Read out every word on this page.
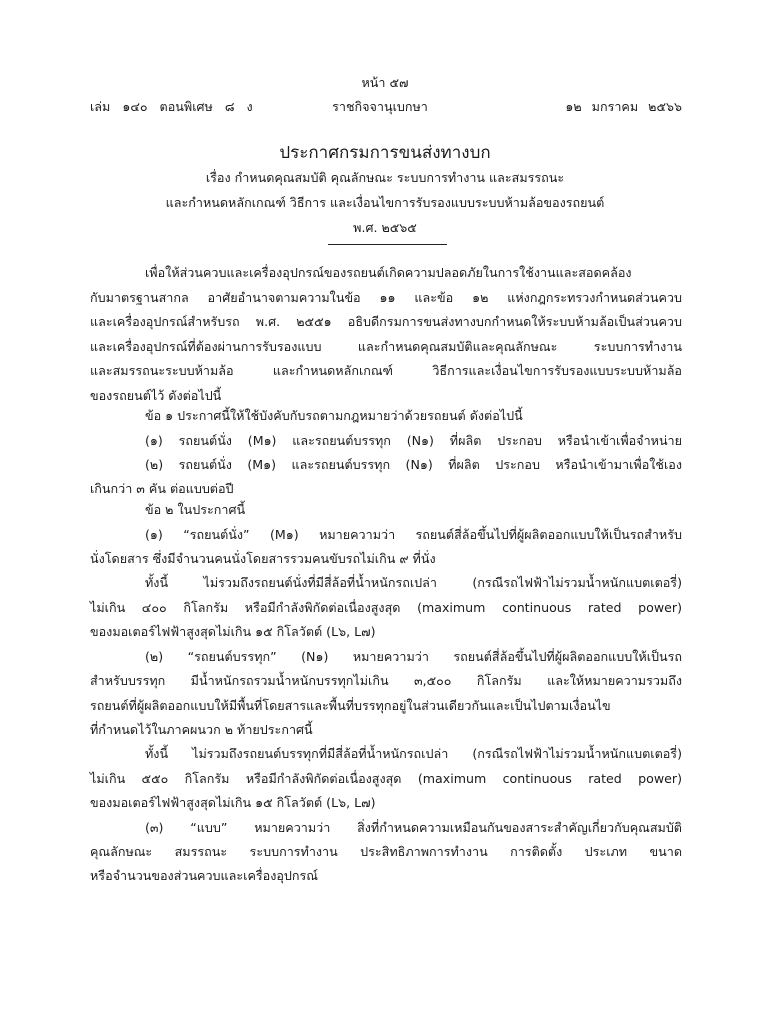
หน้า ๕๗
เล่ม ๑๔๐ ตอนพิเศษ ๘ ง	ราชกิจจานุเบกษา	๑๒ มกราคม ๒๕๖๖
ประกาศกรมการขนส่งทางบก
เรื่อง กำหนดคุณสมบัติ คุณลักษณะ ระบบการทำงาน และสมรรถนะ
และกำหนดหลักเกณฑ์ วิธีการ และเงื่อนไขการรับรองแบบระบบห้ามล้อของรถยนต์
พ.ศ. ๒๕๖๕
เพื่อให้ส่วนควบและเครื่องอุปกรณ์ของรถยนต์เกิดความปลอดภัยในการใช้งานและสอดคล้อง
กับมาตรฐานสากล อาศัยอำนาจตามความในข้อ ๑๑ และข้อ ๑๒ แห่งกฎกระทรวงกำหนดส่วนควบ
และเครื่องอุปกรณ์สำหรับรถ พ.ศ. ๒๕๕๑ อธิบดีกรมการขนส่งทางบกกำหนดให้ระบบห้ามล้อเป็นส่วนควบ
และเครื่องอุปกรณ์ที่ต้องผ่านการรับรองแบบ และกำหนดคุณสมบัติและคุณลักษณะ ระบบการทำงาน
และสมรรถนะระบบห้ามล้อ และกำหนดหลักเกณฑ์ วิธีการและเงื่อนไขการรับรองแบบระบบห้ามล้อ
ของรถยนต์ไว้ ดังต่อไปนี้
ข้อ ๑ ประกาศนี้ให้ใช้บังคับกับรถตามกฎหมายว่าด้วยรถยนต์ ดังต่อไปนี้
(๑) รถยนต์นั่ง (M๑) และรถยนต์บรรทุก (N๑) ที่ผลิต ประกอบ หรือนำเข้าเพื่อจำหน่าย
(๒) รถยนต์นั่ง (M๑) และรถยนต์บรรทุก (N๑) ที่ผลิต ประกอบ หรือนำเข้ามาเพื่อใช้เอง
เกินกว่า ๓ คัน ต่อแบบต่อปี
ข้อ ๒ ในประกาศนี้
(๑) “รถยนต์นั่ง” (M๑) หมายความว่า รถยนต์สี่ล้อขึ้นไปที่ผู้ผลิตออกแบบให้เป็นรถสำหรับ
นั่งโดยสาร ซึ่งมีจำนวนคนนั่งโดยสารรวมคนขับรถไม่เกิน ๙ ที่นั่ง
ทั้งนี้ ไม่รวมถึงรถยนต์นั่งที่มีสี่ล้อที่น้ำหนักรถเปล่า (กรณีรถไฟฟ้าไม่รวมน้ำหนักแบตเตอรี่)
ไม่เกิน ๔๐๐ กิโลกรัม หรือมีกำลังพิกัดต่อเนื่องสูงสุด (maximum continuous rated power)
ของมอเตอร์ไฟฟ้าสูงสุดไม่เกิน ๑๕ กิโลวัตต์ (L๖, L๗)
(๒) “รถยนต์บรรทุก” (N๑) หมายความว่า รถยนต์สี่ล้อขึ้นไปที่ผู้ผลิตออกแบบให้เป็นรถ
สำหรับบรรทุก มีน้ำหนักรถรวมน้ำหนักบรรทุกไม่เกิน ๓,๕๐๐ กิโลกรัม และให้หมายความรวมถึง
รถยนต์ที่ผู้ผลิตออกแบบให้มีพื้นที่โดยสารและพื้นที่บรรทุกอยู่ในส่วนเดียวกันและเป็นไปตามเงื่อนไข
ที่กำหนดไว้ในภาคผนวก ๒ ท้ายประกาศนี้
ทั้งนี้ ไม่รวมถึงรถยนต์บรรทุกที่มีสี่ล้อที่น้ำหนักรถเปล่า (กรณีรถไฟฟ้าไม่รวมน้ำหนักแบตเตอรี่)
ไม่เกิน ๕๕๐ กิโลกรัม หรือมีกำลังพิกัดต่อเนื่องสูงสุด (maximum continuous rated power)
ของมอเตอร์ไฟฟ้าสูงสุดไม่เกิน ๑๕ กิโลวัตต์ (L๖, L๗)
(๓) “แบบ” หมายความว่า สิ่งที่กำหนดความเหมือนกันของสาระสำคัญเกี่ยวกับคุณสมบัติ
คุณลักษณะ สมรรถนะ ระบบการทำงาน ประสิทธิภาพการทำงาน การติดตั้ง ประเภท ขนาด
หรือจำนวนของส่วนควบและเครื่องอุปกรณ์
